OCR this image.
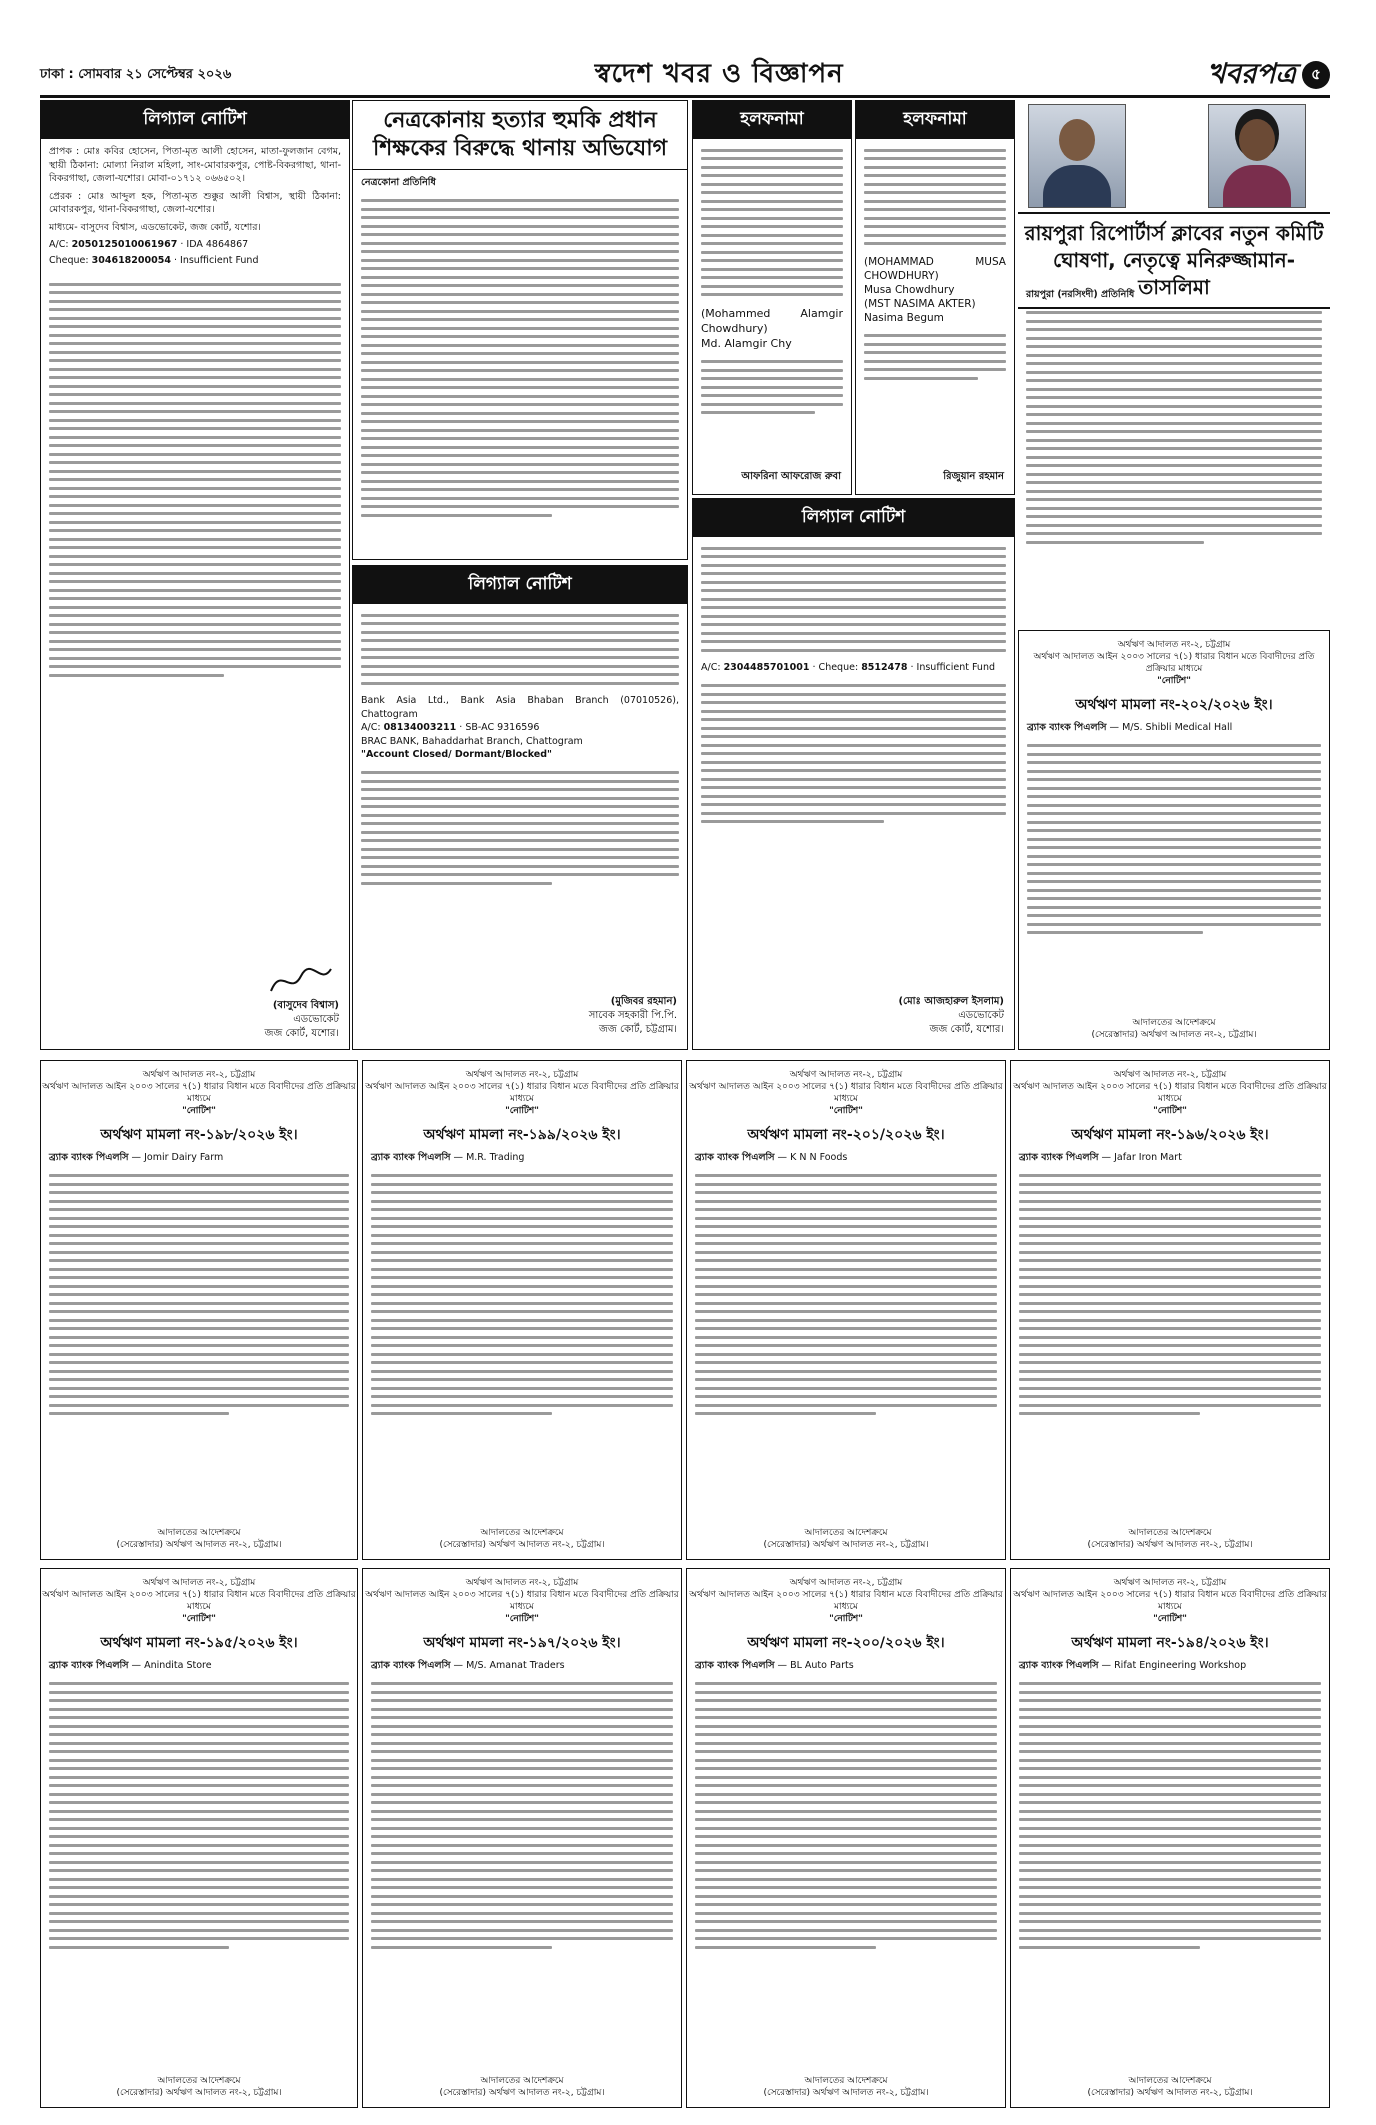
ঢাকা : সোমবার ২১ সেপ্টেম্বর ২০২৬	স্বদেশ খবর ও বিজ্ঞাপন	খবরপত্র	৫
লিগ্যাল নোটিশ
প্রাপক : মোঃ কবির হোসেন, পিতা-মৃত আলী হোসেন, মাতা-ফুলজান বেগম, স্থায়ী ঠিকানা: মোল্যা নিরাল মহিলা, সাং-মোবারকপুর, পোষ্ট-বিকরগাছা, থানা-বিকরগাছা, জেলা-যশোর। মোবা-০১৭১২ ০৬৬৫০২।
প্রেরক : মোঃ আব্দুল হক, পিতা-মৃত শুক্কুর আলী বিশ্বাস, স্থায়ী ঠিকানা: মোবারকপুর, থানা-বিকরগাছা, জেলা-যশোর।
মাধ্যমে- বাসুদেব বিশ্বাস, এডভোকেট, জজ কোর্ট, যশোর।
A/C: 2050125010061967 · IDA 4864867
Cheque: 304618200054 · Insufficient Fund
(বাসুদেব বিশ্বাস)
এডভোকেট
জজ কোর্ট, যশোর।
নেত্রকোনায় হত্যার হুমকি প্রধান শিক্ষকের বিরুদ্ধে থানায় অভিযোগ
নেত্রকোনা প্রতিনিধি
লিগ্যাল নোটিশ
Bank Asia Ltd., Bank Asia Bhaban Branch (07010526), Chattogram
A/C: 08134003211 · SB-AC 9316596
BRAC BANK, Bahaddarhat Branch, Chattogram
"Account Closed/ Dormant/Blocked"
(মুজিবর রহমান)
সাবেক সহকারী পি.পি.
জজ কোর্ট, চট্টগ্রাম।
হলফনামা
(Mohammed Alamgir Chowdhury)
Md. Alamgir Chy
আফরিনা আফরোজ রুবা
হলফনামা
(MOHAMMAD MUSA CHOWDHURY)
Musa Chowdhury
(MST NASIMA AKTER)
Nasima Begum
রিজুয়ান রহমান
লিগ্যাল নোটিশ
A/C: 2304485701001 · Cheque: 8512478 · Insufficient Fund
(মোঃ আজহারুল ইসলাম)
এডভোকেট
জজ কোর্ট, যশোর।
রায়পুরা রিপোর্টার্স ক্লাবের নতুন কমিটি ঘোষণা, নেতৃত্বে মনিরুজ্জামান-তাসলিমা
রায়পুরা (নরসিংদী) প্রতিনিধি
অর্থঋণ আদালত নং-২, চট্টগ্রাম
অর্থঋণ আদালত আইন ২০০৩ সালের ৭(১) ধারার বিধান মতে বিবাদীদের প্রতি প্রক্রিয়ার মাধ্যমে
"নোটিশ"
অর্থঋণ মামলা নং-২০২/২০২৬ ইং।
ব্র্যাক ব্যাংক পিএলসি — M/S. Shibli Medical Hall
আদালতের আদেশক্রমে
(সেরেস্তাদার) অর্থঋণ আদালত নং-২, চট্টগ্রাম।
অর্থঋণ আদালত নং-২, চট্টগ্রাম
অর্থঋণ আদালত আইন ২০০৩ সালের ৭(১) ধারার বিধান মতে বিবাদীদের প্রতি প্রক্রিয়ার মাধ্যমে
"নোটিশ"
অর্থঋণ মামলা নং-১৯৮/২০২৬ ইং।
ব্র্যাক ব্যাংক পিএলসি — Jomir Dairy Farm
আদালতের আদেশক্রমে
(সেরেস্তাদার) অর্থঋণ আদালত নং-২, চট্টগ্রাম।
অর্থঋণ আদালত নং-২, চট্টগ্রাম
অর্থঋণ আদালত আইন ২০০৩ সালের ৭(১) ধারার বিধান মতে বিবাদীদের প্রতি প্রক্রিয়ার মাধ্যমে
"নোটিশ"
অর্থঋণ মামলা নং-১৯৯/২০২৬ ইং।
ব্র্যাক ব্যাংক পিএলসি — M.R. Trading
আদালতের আদেশক্রমে
(সেরেস্তাদার) অর্থঋণ আদালত নং-২, চট্টগ্রাম।
অর্থঋণ আদালত নং-২, চট্টগ্রাম
অর্থঋণ আদালত আইন ২০০৩ সালের ৭(১) ধারার বিধান মতে বিবাদীদের প্রতি প্রক্রিয়ার মাধ্যমে
"নোটিশ"
অর্থঋণ মামলা নং-২০১/২০২৬ ইং।
ব্র্যাক ব্যাংক পিএলসি — K N N Foods
আদালতের আদেশক্রমে
(সেরেস্তাদার) অর্থঋণ আদালত নং-২, চট্টগ্রাম।
অর্থঋণ আদালত নং-২, চট্টগ্রাম
অর্থঋণ আদালত আইন ২০০৩ সালের ৭(১) ধারার বিধান মতে বিবাদীদের প্রতি প্রক্রিয়ার মাধ্যমে
"নোটিশ"
অর্থঋণ মামলা নং-১৯৬/২০২৬ ইং।
ব্র্যাক ব্যাংক পিএলসি — Jafar Iron Mart
আদালতের আদেশক্রমে
(সেরেস্তাদার) অর্থঋণ আদালত নং-২, চট্টগ্রাম।
অর্থঋণ আদালত নং-২, চট্টগ্রাম
অর্থঋণ আদালত আইন ২০০৩ সালের ৭(১) ধারার বিধান মতে বিবাদীদের প্রতি প্রক্রিয়ার মাধ্যমে
"নোটিশ"
অর্থঋণ মামলা নং-১৯৫/২০২৬ ইং।
ব্র্যাক ব্যাংক পিএলসি — Anindita Store
আদালতের আদেশক্রমে
(সেরেস্তাদার) অর্থঋণ আদালত নং-২, চট্টগ্রাম।
অর্থঋণ আদালত নং-২, চট্টগ্রাম
অর্থঋণ আদালত আইন ২০০৩ সালের ৭(১) ধারার বিধান মতে বিবাদীদের প্রতি প্রক্রিয়ার মাধ্যমে
"নোটিশ"
অর্থঋণ মামলা নং-১৯৭/২০২৬ ইং।
ব্র্যাক ব্যাংক পিএলসি — M/S. Amanat Traders
আদালতের আদেশক্রমে
(সেরেস্তাদার) অর্থঋণ আদালত নং-২, চট্টগ্রাম।
অর্থঋণ আদালত নং-২, চট্টগ্রাম
অর্থঋণ আদালত আইন ২০০৩ সালের ৭(১) ধারার বিধান মতে বিবাদীদের প্রতি প্রক্রিয়ার মাধ্যমে
"নোটিশ"
অর্থঋণ মামলা নং-২০০/২০২৬ ইং।
ব্র্যাক ব্যাংক পিএলসি — BL Auto Parts
আদালতের আদেশক্রমে
(সেরেস্তাদার) অর্থঋণ আদালত নং-২, চট্টগ্রাম।
অর্থঋণ আদালত নং-২, চট্টগ্রাম
অর্থঋণ আদালত আইন ২০০৩ সালের ৭(১) ধারার বিধান মতে বিবাদীদের প্রতি প্রক্রিয়ার মাধ্যমে
"নোটিশ"
অর্থঋণ মামলা নং-১৯৪/২০২৬ ইং।
ব্র্যাক ব্যাংক পিএলসি — Rifat Engineering Workshop
আদালতের আদেশক্রমে
(সেরেস্তাদার) অর্থঋণ আদালত নং-২, চট্টগ্রাম।
